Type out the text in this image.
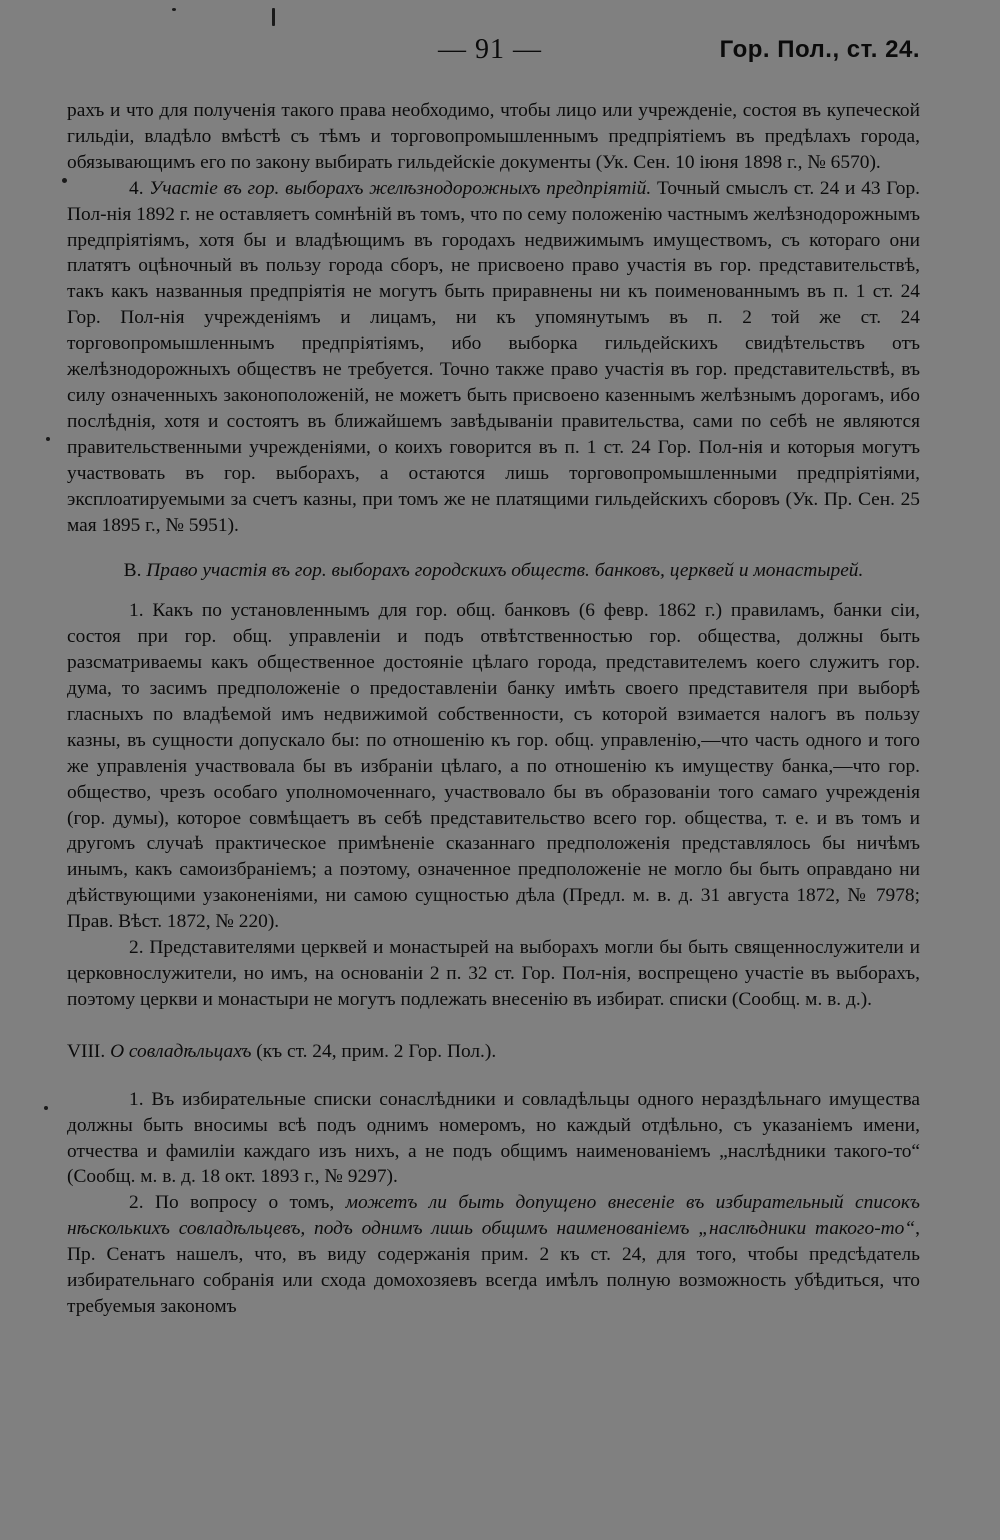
— 91 —	Гор. Пол., ст. 24.

рахъ и что для полученія такого права необходимо, чтобы лицо или учрежденіе, состоя въ купеческой гильдіи, владѣло вмѣстѣ съ тѣмъ и торговопромышленнымъ предпріятіемъ въ предѣлахъ города, обязывающимъ его по закону выбирать гильдейскіе документы (Ук. Сен. 10 іюня 1898 г., № 6570).

4. Участіе въ гор. выборахъ желѣзнодорожныхъ предпріятій. Точный смыслъ ст. 24 и 43 Гор. Пол-нія 1892 г. не оставляетъ сомнѣній въ томъ, что по сему положенію частнымъ желѣзнодорожнымъ предпріятіямъ, хотя бы и владѣющимъ въ городахъ недвижимымъ имуществомъ, съ котораго они платятъ оцѣночный въ пользу города сборъ, не присвоено право участія въ гор. представительствѣ, такъ какъ названныя предпріятія не могутъ быть приравнены ни къ поименованнымъ въ п. 1 ст. 24 Гор. Пол-нія учрежденіямъ и лицамъ, ни къ упомянутымъ въ п. 2 той же ст. 24 торговопромышленнымъ предпріятіямъ, ибо выборка гильдейскихъ свидѣтельствъ отъ желѣзнодорожныхъ обществъ не требуется. Точно также право участія въ гор. представительствѣ, въ силу означенныхъ законоположеній, не можетъ быть присвоено казеннымъ желѣзнымъ дорогамъ, ибо послѣднія, хотя и состоятъ въ ближайшемъ завѣдываніи правительства, сами по себѣ не являются правительственными учрежденіями, о коихъ говорится въ п. 1 ст. 24 Гор. Пол-нія и которыя могутъ участвовать въ гор. выборахъ, а остаются лишь торговопромышленными предпріятіями, эксплоатируемыми за счетъ казны, при томъ же не платящими гильдейскихъ сборовъ (Ук. Пр. Сен. 25 мая 1895 г., № 5951).

В. Право участія въ гор. выборахъ городскихъ обществ. банковъ, церквей и монастырей.

1. Какъ по установленнымъ для гор. общ. банковъ (6 февр. 1862 г.) правиламъ, банки сіи, состоя при гор. общ. управленіи и подъ отвѣтственностью гор. общества, должны быть разсматриваемы какъ общественное достояніе цѣлаго города, представителемъ коего служитъ гор. дума, то засимъ предположеніе о предоставленіи банку имѣть своего представителя при выборѣ гласныхъ по владѣемой имъ недвижимой собственности, съ которой взимается налогъ въ пользу казны, въ сущности допускало бы: по отношенію къ гор. общ. управленію,—что часть одного и того же управленія участвовала бы въ избраніи цѣлаго, а по отношенію къ имуществу банка,—что гор. общество, чрезъ особаго уполномоченнаго, участвовало бы въ образованіи того самаго учрежденія (гор. думы), которое совмѣщаетъ въ себѣ представительство всего гор. общества, т. е. и въ томъ и другомъ случаѣ практическое примѣненіе сказаннаго предположенія представлялось бы ничѣмъ инымъ, какъ самоизбраніемъ; а поэтому, означенное предположеніе не могло бы быть оправдано ни дѣйствующими узаконеніями, ни самою сущностью дѣла (Предл. м. в. д. 31 августа 1872, № 7978; Прав. Вѣст. 1872, № 220).

2. Представителями церквей и монастырей на выборахъ могли бы быть священнослужители и церковнослужители, но имъ, на основаніи 2 п. 32 ст. Гор. Пол-нія, воспрещено участіе въ выборахъ, поэтому церкви и монастыри не могутъ подлежать внесенію въ избират. списки (Сообщ. м. в. д.).

VIII. О совладѣльцахъ (къ ст. 24, прим. 2 Гор. Пол.).

1. Въ избирательные списки сонаслѣдники и совладѣльцы одного нераздѣльнаго имущества должны быть вносимы всѣ подъ однимъ номеромъ, но каждый отдѣльно, съ указаніемъ имени, отчества и фамиліи каждаго изъ нихъ, а не подъ общимъ наименованіемъ „наслѣдники такого-то“ (Сообщ. м. в. д. 18 окт. 1893 г., № 9297).

2. По вопросу о томъ, можетъ ли быть допущено внесеніе въ избирательный списокъ нѣсколькихъ совладѣльцевъ, подъ однимъ лишь общимъ наименованіемъ „наслѣдники такого-то“, Пр. Сенатъ нашелъ, что, въ виду содержанія прим. 2 къ ст. 24, для того, чтобы предсѣдатель избирательнаго собранія или схода домохозяевъ всегда имѣлъ полную возможность убѣдиться, что требуемыя закономъ
